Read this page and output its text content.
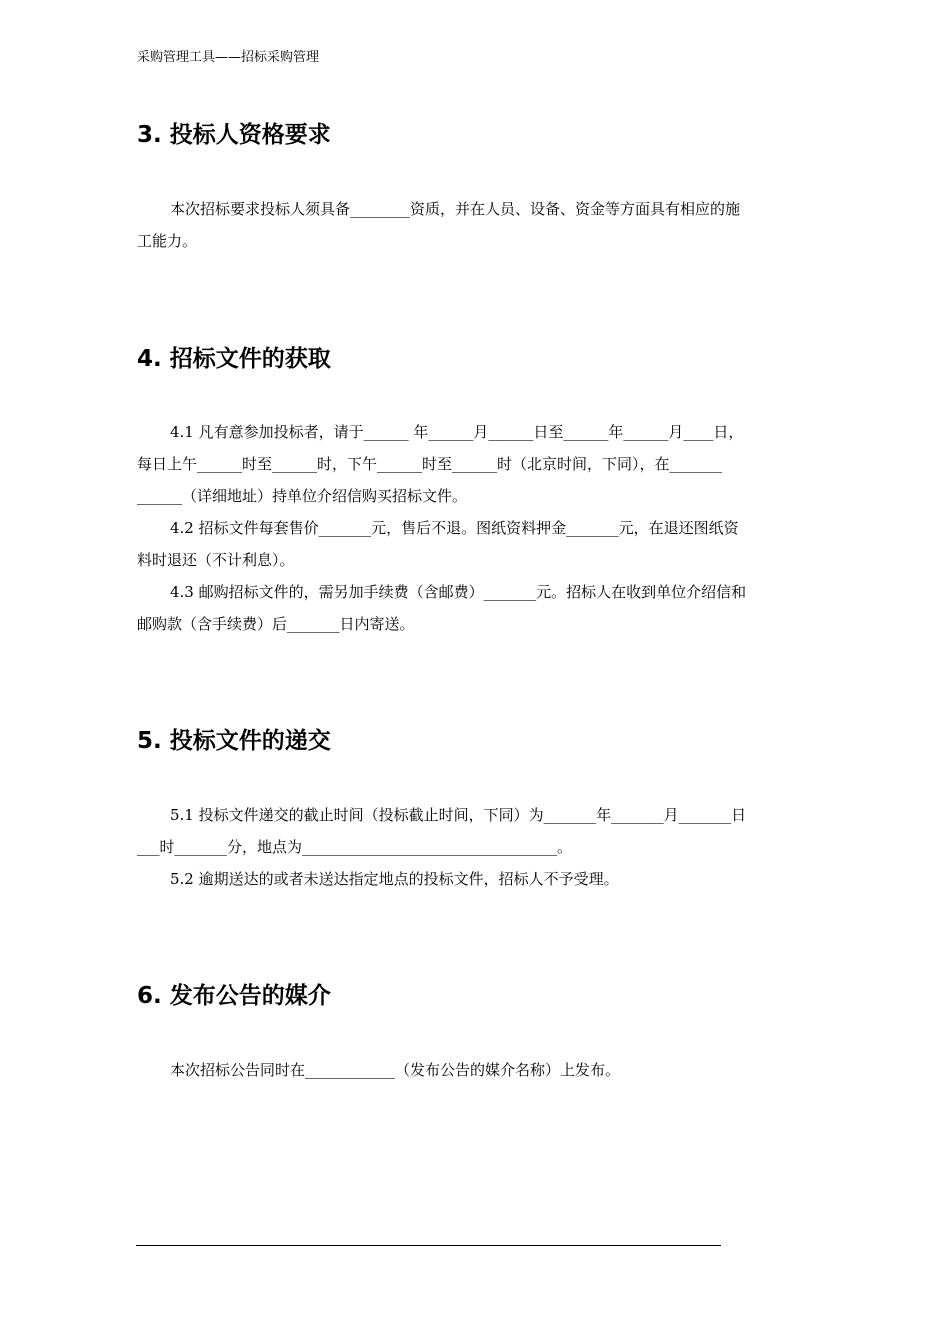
采购管理工具——招标采购管理
3. 投标人资格要求

本次招标要求投标人须具备________资质，并在人员、设备、资金等方面具有相应的施

工能力。

4. 招标文件的获取

4.1 凡有意参加投标者，请于______ 年______月______日至______年______月____日，

每日上午______时至______时，下午______时至______时（北京时间，下同），在_______

______（详细地址）持单位介绍信购买招标文件。

4.2 招标文件每套售价_______元，售后不退。图纸资料押金_______元，在退还图纸资

料时退还（不计利息）。

4.3 邮购招标文件的，需另加手续费（含邮费）_______元。招标人在收到单位介绍信和

邮购款（含手续费）后_______日内寄送。

5. 投标文件的递交

5.1 投标文件递交的截止时间（投标截止时间，下同）为_______年_______月_______日

___时_______分，地点为__________________________________。

5.2 逾期送达的或者未送达指定地点的投标文件，招标人不予受理。

6. 发布公告的媒介

本次招标公告同时在____________（发布公告的媒介名称）上发布。
